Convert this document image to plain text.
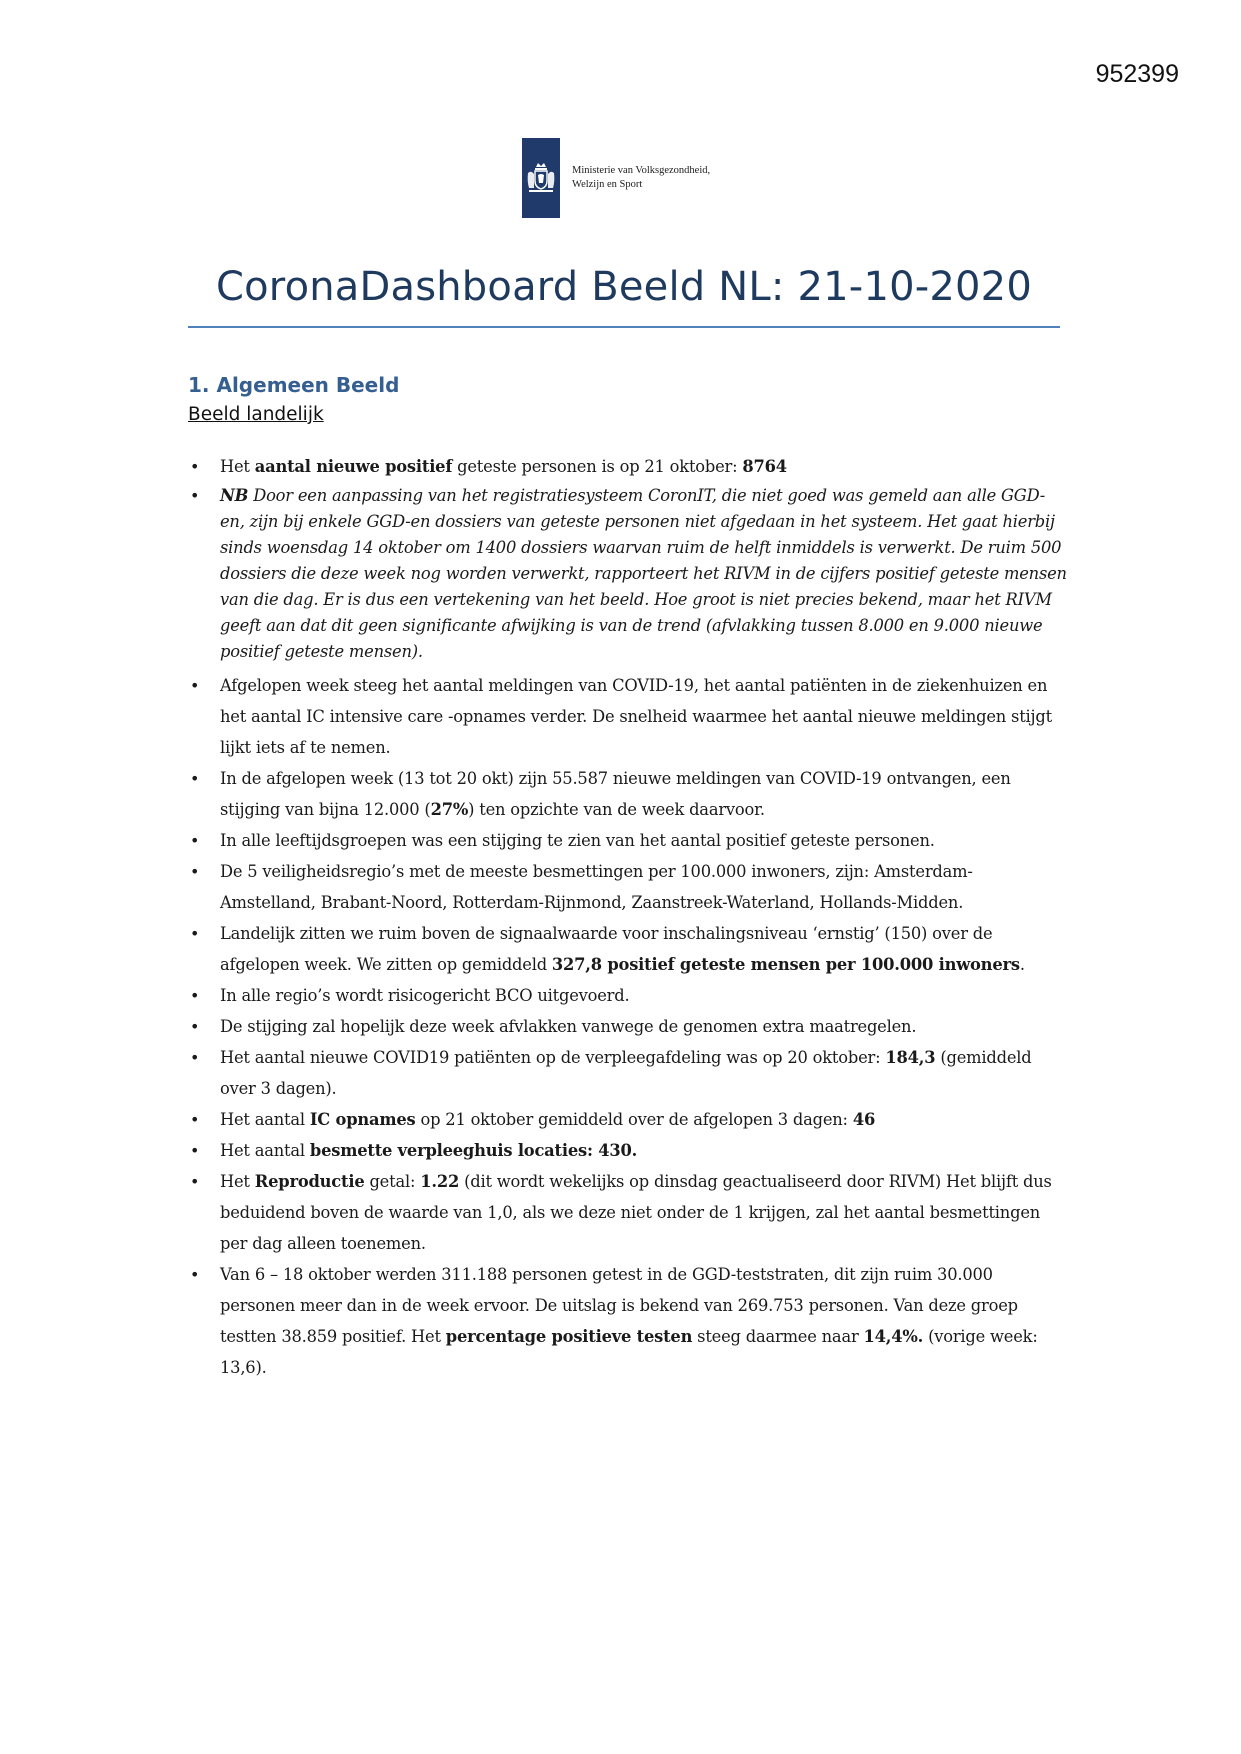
952399
Ministerie van Volksgezondheid,
Welzijn en Sport
CoronaDashboard Beeld NL: 21-10-2020
1. Algemeen Beeld
Beeld landelijk
• Het aantal nieuwe positief geteste personen is op 21 oktober: 8764
• NB Door een aanpassing van het registratiesysteem CoronIT, die niet goed was gemeld aan alle GGD-en, zijn bij enkele GGD-en dossiers van geteste personen niet afgedaan in het systeem. Het gaat hierbij sinds woensdag 14 oktober om 1400 dossiers waarvan ruim de helft inmiddels is verwerkt. De ruim 500 dossiers die deze week nog worden verwerkt, rapporteert het RIVM in de cijfers positief geteste mensen van die dag. Er is dus een vertekening van het beeld. Hoe groot is niet precies bekend, maar het RIVM geeft aan dat dit geen significante afwijking is van de trend (afvlakking tussen 8.000 en 9.000 nieuwe positief geteste mensen).
• Afgelopen week steeg het aantal meldingen van COVID-19, het aantal patiënten in de ziekenhuizen en het aantal IC intensive care -opnames verder. De snelheid waarmee het aantal nieuwe meldingen stijgt lijkt iets af te nemen.
• In de afgelopen week (13 tot 20 okt) zijn 55.587 nieuwe meldingen van COVID-19 ontvangen, een stijging van bijna 12.000 (27%) ten opzichte van de week daarvoor.
• In alle leeftijdsgroepen was een stijging te zien van het aantal positief geteste personen.
• De 5 veiligheidsregio’s met de meeste besmettingen per 100.000 inwoners, zijn: Amsterdam-Amstelland, Brabant-Noord, Rotterdam-Rijnmond, Zaanstreek-Waterland, Hollands-Midden.
• Landelijk zitten we ruim boven de signaalwaarde voor inschalingsniveau ‘ernstig’ (150) over de afgelopen week. We zitten op gemiddeld 327,8 positief geteste mensen per 100.000 inwoners.
• In alle regio’s wordt risicogericht BCO uitgevoerd.
• De stijging zal hopelijk deze week afvlakken vanwege de genomen extra maatregelen.
• Het aantal nieuwe COVID19 patiënten op de verpleegafdeling was op 20 oktober: 184,3 (gemiddeld over 3 dagen).
• Het aantal IC opnames op 21 oktober gemiddeld over de afgelopen 3 dagen: 46
• Het aantal besmette verpleeghuis locaties: 430.
• Het Reproductie getal: 1.22 (dit wordt wekelijks op dinsdag geactualiseerd door RIVM) Het blijft dus beduidend boven de waarde van 1,0, als we deze niet onder de 1 krijgen, zal het aantal besmettingen per dag alleen toenemen.
• Van 6 – 18 oktober werden 311.188 personen getest in de GGD-teststraten, dit zijn ruim 30.000 personen meer dan in de week ervoor. De uitslag is bekend van 269.753 personen. Van deze groep testten 38.859 positief. Het percentage positieve testen steeg daarmee naar 14,4%. (vorige week: 13,6).
